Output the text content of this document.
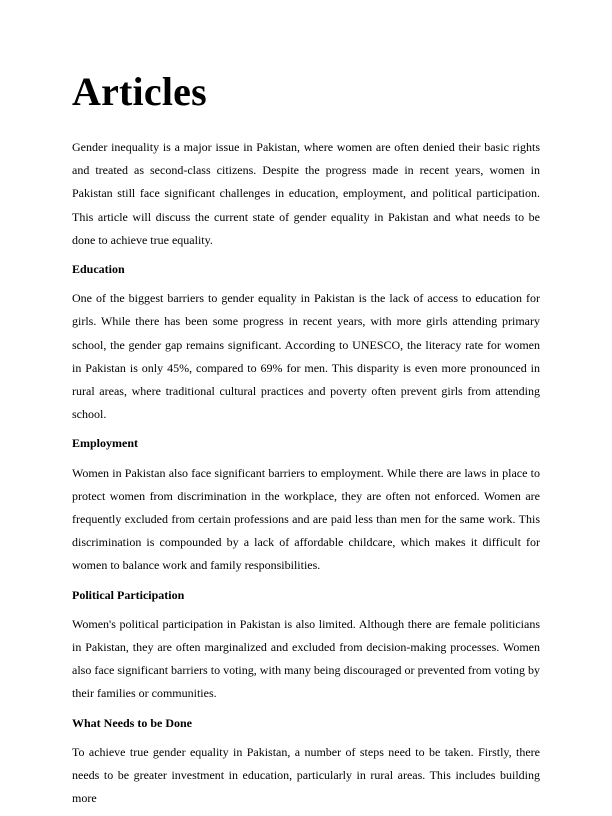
Articles

Gender inequality is a major issue in Pakistan, where women are often denied their basic rights and treated as second-class citizens. Despite the progress made in recent years, women in Pakistan still face significant challenges in education, employment, and political participation. This article will discuss the current state of gender equality in Pakistan and what needs to be done to achieve true equality.

Education

One of the biggest barriers to gender equality in Pakistan is the lack of access to education for girls. While there has been some progress in recent years, with more girls attending primary school, the gender gap remains significant. According to UNESCO, the literacy rate for women in Pakistan is only 45%, compared to 69% for men. This disparity is even more pronounced in rural areas, where traditional cultural practices and poverty often prevent girls from attending school.

Employment

Women in Pakistan also face significant barriers to employment. While there are laws in place to protect women from discrimination in the workplace, they are often not enforced. Women are frequently excluded from certain professions and are paid less than men for the same work. This discrimination is compounded by a lack of affordable childcare, which makes it difficult for women to balance work and family responsibilities.

Political Participation

Women's political participation in Pakistan is also limited. Although there are female politicians in Pakistan, they are often marginalized and excluded from decision-making processes. Women also face significant barriers to voting, with many being discouraged or prevented from voting by their families or communities.

What Needs to be Done

To achieve true gender equality in Pakistan, a number of steps need to be taken. Firstly, there needs to be greater investment in education, particularly in rural areas. This includes building more
